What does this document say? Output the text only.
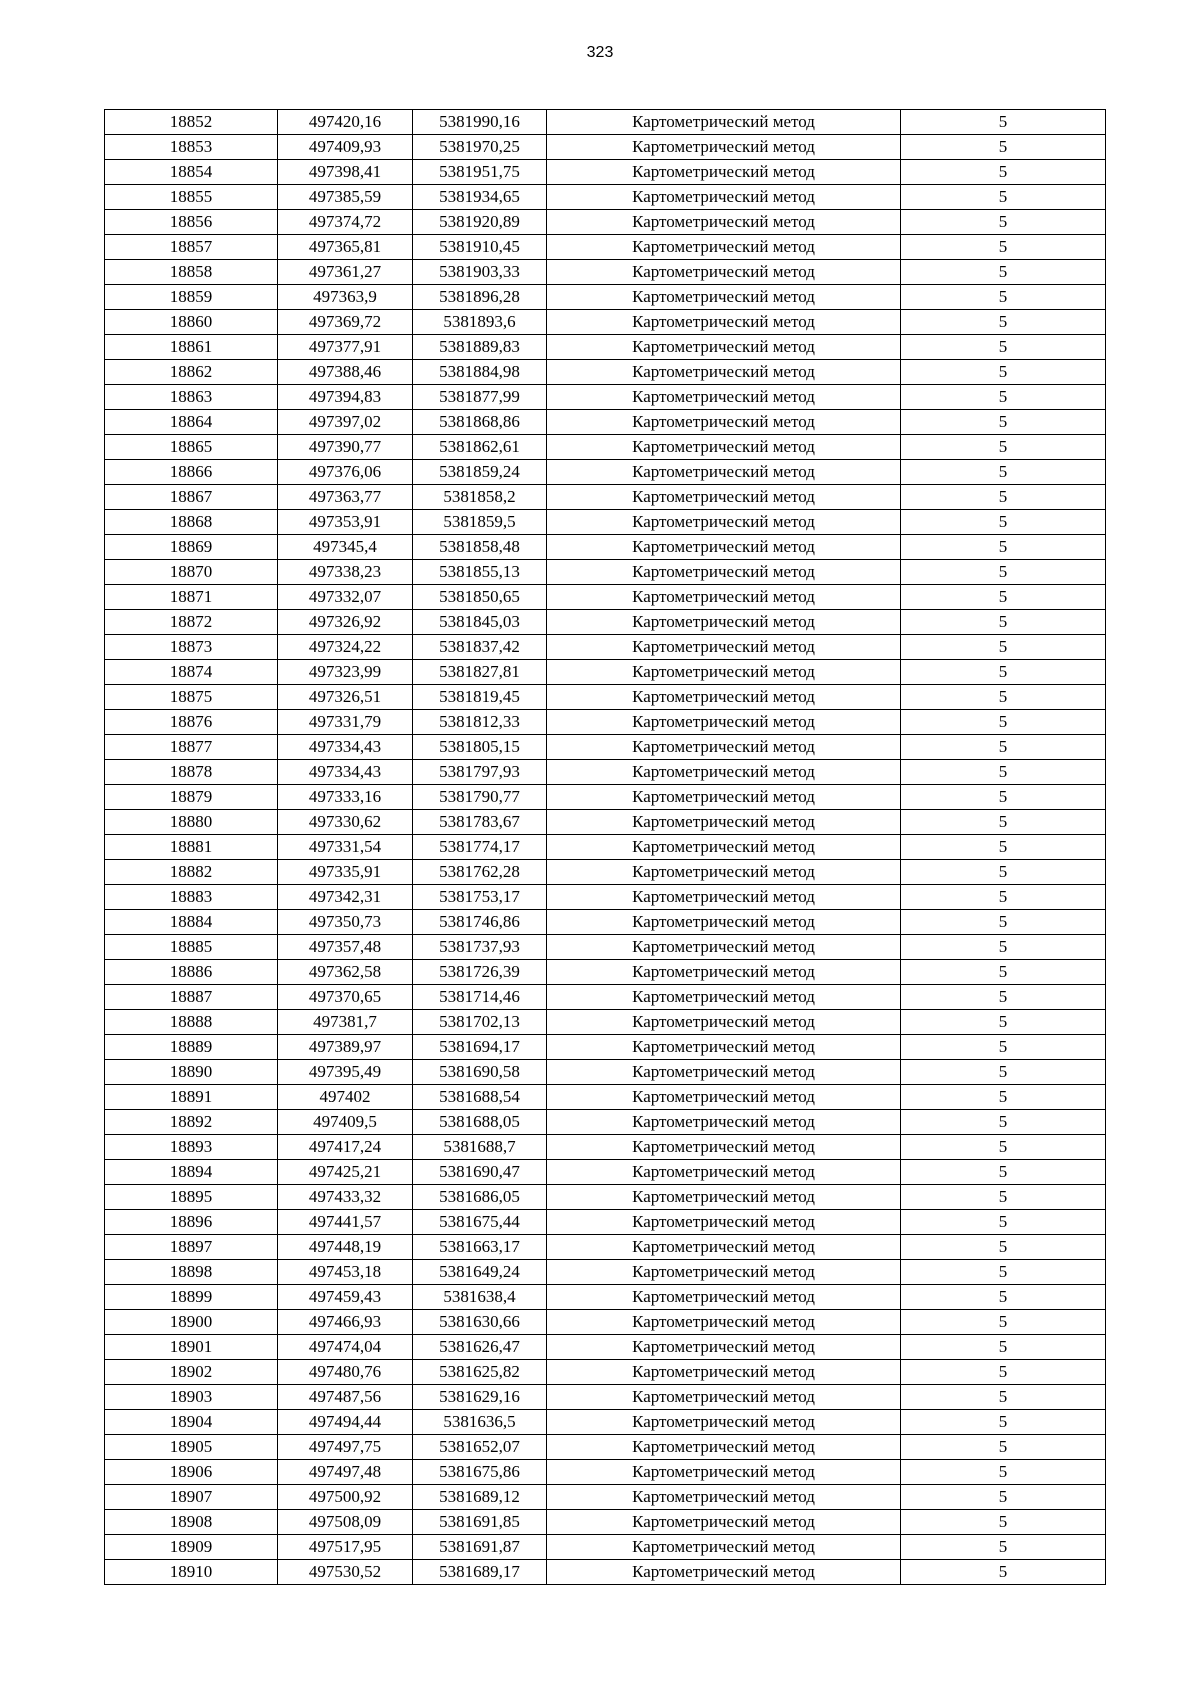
323
18852	497420,16	5381990,16	Картометрический метод	5
18853	497409,93	5381970,25	Картометрический метод	5
18854	497398,41	5381951,75	Картометрический метод	5
18855	497385,59	5381934,65	Картометрический метод	5
18856	497374,72	5381920,89	Картометрический метод	5
18857	497365,81	5381910,45	Картометрический метод	5
18858	497361,27	5381903,33	Картометрический метод	5
18859	497363,9	5381896,28	Картометрический метод	5
18860	497369,72	5381893,6	Картометрический метод	5
18861	497377,91	5381889,83	Картометрический метод	5
18862	497388,46	5381884,98	Картометрический метод	5
18863	497394,83	5381877,99	Картометрический метод	5
18864	497397,02	5381868,86	Картометрический метод	5
18865	497390,77	5381862,61	Картометрический метод	5
18866	497376,06	5381859,24	Картометрический метод	5
18867	497363,77	5381858,2	Картометрический метод	5
18868	497353,91	5381859,5	Картометрический метод	5
18869	497345,4	5381858,48	Картометрический метод	5
18870	497338,23	5381855,13	Картометрический метод	5
18871	497332,07	5381850,65	Картометрический метод	5
18872	497326,92	5381845,03	Картометрический метод	5
18873	497324,22	5381837,42	Картометрический метод	5
18874	497323,99	5381827,81	Картометрический метод	5
18875	497326,51	5381819,45	Картометрический метод	5
18876	497331,79	5381812,33	Картометрический метод	5
18877	497334,43	5381805,15	Картометрический метод	5
18878	497334,43	5381797,93	Картометрический метод	5
18879	497333,16	5381790,77	Картометрический метод	5
18880	497330,62	5381783,67	Картометрический метод	5
18881	497331,54	5381774,17	Картометрический метод	5
18882	497335,91	5381762,28	Картометрический метод	5
18883	497342,31	5381753,17	Картометрический метод	5
18884	497350,73	5381746,86	Картометрический метод	5
18885	497357,48	5381737,93	Картометрический метод	5
18886	497362,58	5381726,39	Картометрический метод	5
18887	497370,65	5381714,46	Картометрический метод	5
18888	497381,7	5381702,13	Картометрический метод	5
18889	497389,97	5381694,17	Картометрический метод	5
18890	497395,49	5381690,58	Картометрический метод	5
18891	497402	5381688,54	Картометрический метод	5
18892	497409,5	5381688,05	Картометрический метод	5
18893	497417,24	5381688,7	Картометрический метод	5
18894	497425,21	5381690,47	Картометрический метод	5
18895	497433,32	5381686,05	Картометрический метод	5
18896	497441,57	5381675,44	Картометрический метод	5
18897	497448,19	5381663,17	Картометрический метод	5
18898	497453,18	5381649,24	Картометрический метод	5
18899	497459,43	5381638,4	Картометрический метод	5
18900	497466,93	5381630,66	Картометрический метод	5
18901	497474,04	5381626,47	Картометрический метод	5
18902	497480,76	5381625,82	Картометрический метод	5
18903	497487,56	5381629,16	Картометрический метод	5
18904	497494,44	5381636,5	Картометрический метод	5
18905	497497,75	5381652,07	Картометрический метод	5
18906	497497,48	5381675,86	Картометрический метод	5
18907	497500,92	5381689,12	Картометрический метод	5
18908	497508,09	5381691,85	Картометрический метод	5
18909	497517,95	5381691,87	Картометрический метод	5
18910	497530,52	5381689,17	Картометрический метод	5
